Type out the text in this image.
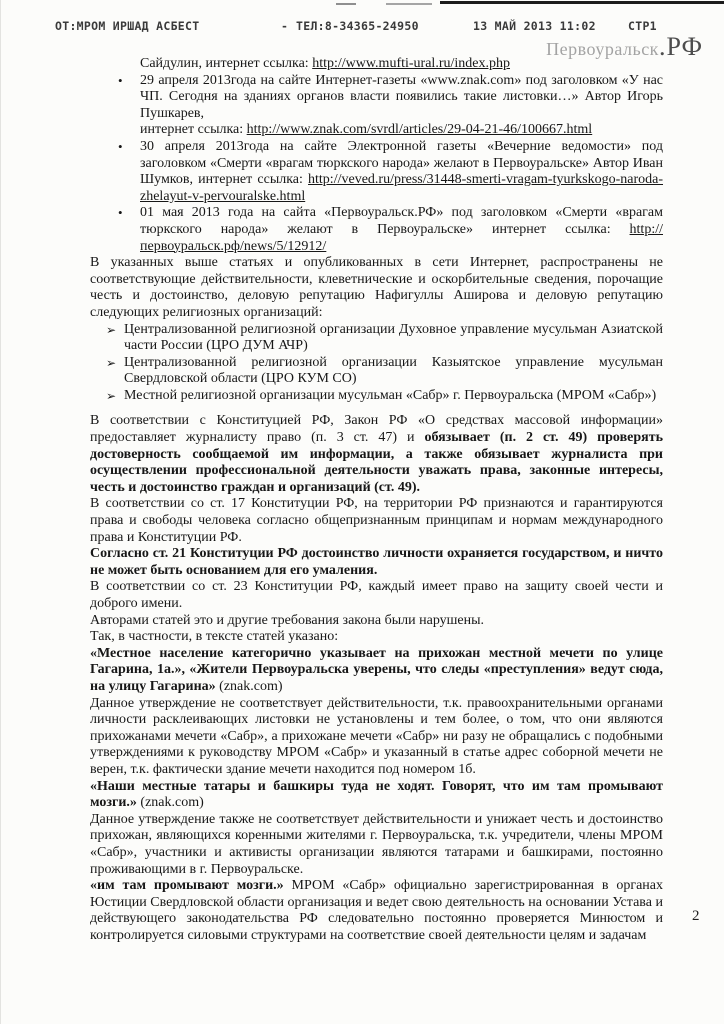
ОТ:МРОМ ИРШАД АСБЕСТ	- ТЕЛ:8-34365-24950	13 МАЙ 2013 11:02	СТР1
Первоуральск.РФ
Сайдулин, интернет ссылка: http://www.mufti-ural.ru/index.php
•	29 апреля 2013года на сайте Интернет-газеты «www.znak.com» под заголовком «У нас ЧП. Сегодня на зданиях органов власти появились такие листовки…» Автор Игорь Пушкарев,
интернет ссылка: http://www.znak.com/svrdl/articles/29-04-21-46/100667.html
•	30 апреля 2013года на сайте Электронной газеты «Вечерние ведомости» под заголовком «Смерти «врагам тюркского народа» желают в Первоуральске» Автор Иван Шумков, интернет ссылка: http://veved.ru/press/31448-smerti-vragam-tyurkskogo-naroda-zhelayut-v-pervouralske.html
•	01 мая 2013 года на сайта «Первоуральск.РФ» под заголовком «Смерти «врагам тюркского народа» желают в Первоуральске» интернет ссылка: http://первоуральск.рф/news/5/12912/
В указанных выше статьях и опубликованных в сети Интернет, распространены не соответствующие действительности, клеветнические и оскорбительные сведения, порочащие честь и достоинство, деловую репутацию Нафигуллы Аширова и деловую репутацию следующих религиозных организаций:
➢ Централизованной религиозной организации Духовное управление мусульман Азиатской части России (ЦРО ДУМ АЧР)
➢ Централизованной религиозной организации Казыятское управление мусульман Свердловской области (ЦРО КУМ СО)
➢ Местной религиозной организации мусульман «Сабр» г. Первоуральска (МРОМ «Сабр»)
В соответствии с Конституцией РФ, Закон РФ «О средствах массовой информации» предоставляет журналисту право (п. 3 ст. 47) и обязывает (п. 2 ст. 49) проверять достоверность сообщаемой им информации, а также обязывает журналиста при осуществлении профессиональной деятельности уважать права, законные интересы, честь и достоинство граждан и организаций (ст. 49).
В соответствии со ст. 17 Конституции РФ, на территории РФ признаются и гарантируются права и свободы человека согласно общепризнанным принципам и нормам международного права и Конституции РФ.
Согласно ст. 21 Конституции РФ достоинство личности охраняется государством, и ничто не может быть основанием для его умаления.
В соответствии со ст. 23 Конституции РФ, каждый имеет право на защиту своей чести и доброго имени.
Авторами статей это и другие требования закона были нарушены.
Так, в частности, в тексте статей указано:
«Местное население категорично указывает на прихожан местной мечети по улице Гагарина, 1а.», «Жители Первоуральска уверены, что следы «преступления» ведут сюда, на улицу Гагарина» (znak.com)
Данное утверждение не соответствует действительности, т.к. правоохранительными органами личности расклеивающих листовки не установлены и тем более, о том, что они являются прихожанами мечети «Сабр», а прихожане мечети «Сабр» ни разу не обращались с подобными утверждениями к руководству МРОМ «Сабр» и указанный в статье адрес соборной мечети не верен, т.к. фактически здание мечети находится под номером 1б.
«Наши местные татары и башкиры туда не ходят. Говорят, что им там промывают мозги.» (znak.com)
Данное утверждение также не соответствует действительности и унижает честь и достоинство прихожан, являющихся коренными жителями г. Первоуральска, т.к. учредители, члены МРОМ «Сабр», участники и активисты организации являются татарами и башкирами, постоянно проживающими в г. Первоуральске.
«им там промывают мозги.» МРОМ «Сабр» официально зарегистрированная в органах Юстиции Свердловской области организация и ведет свою деятельность на основании Устава и действующего законодательства РФ следовательно постоянно проверяется Минюстом и контролируется силовыми структурами на соответствие своей деятельности целям и задачам
2
